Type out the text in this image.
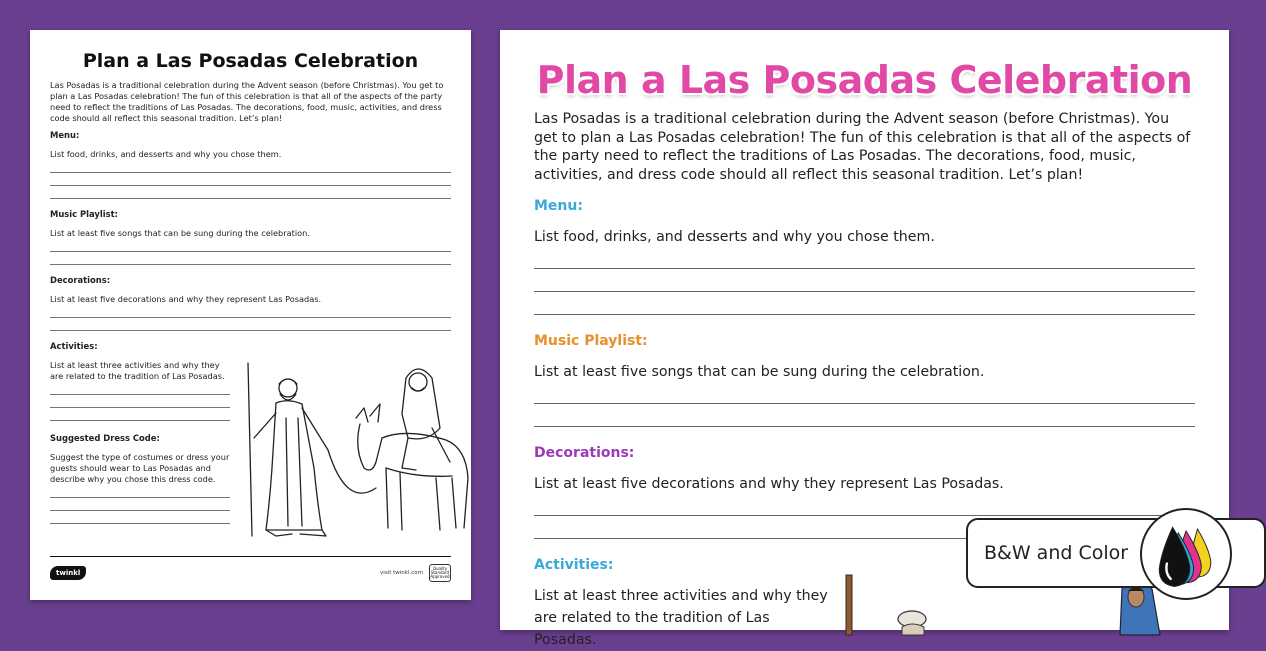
Plan a Las Posadas Celebration
Las Posadas is a traditional celebration during the Advent season (before Christmas). You get to plan a Las Posadas celebration! The fun of this celebration is that all of the aspects of the party need to reflect the traditions of Las Posadas. The decorations, food, music, activities, and dress code should all reflect this seasonal tradition. Let’s plan!
Menu:
List food, drinks, and desserts and why you chose them.
Music Playlist:
List at least five songs that can be sung during the celebration.
Decorations:
List at least five decorations and why they represent Las Posadas.
Activities:
List at least three activities and why they are related to the tradition of Las Posadas.
Suggested Dress Code:
Suggest the type of costumes or dress your guests should wear to Las Posadas and describe why you chose this dress code.
twinkl	visit twinkl.com
Quality Standard Approved
Plan a Las Posadas Celebration
Las Posadas is a traditional celebration during the Advent season (before Christmas). You get to plan a Las Posadas celebration! The fun of this celebration is that all of the aspects of the party need to reflect the traditions of Las Posadas. The decorations, food, music, activities, and dress code should all reflect this seasonal tradition. Let’s plan!
Menu:
List food, drinks, and desserts and why you chose them.
Music Playlist:
List at least five songs that can be sung during the celebration.
Decorations:
List at least five decorations and why they represent Las Posadas.
Activities:
List at least three activities and why they are related to the tradition of Las Posadas.
B&W and Color
